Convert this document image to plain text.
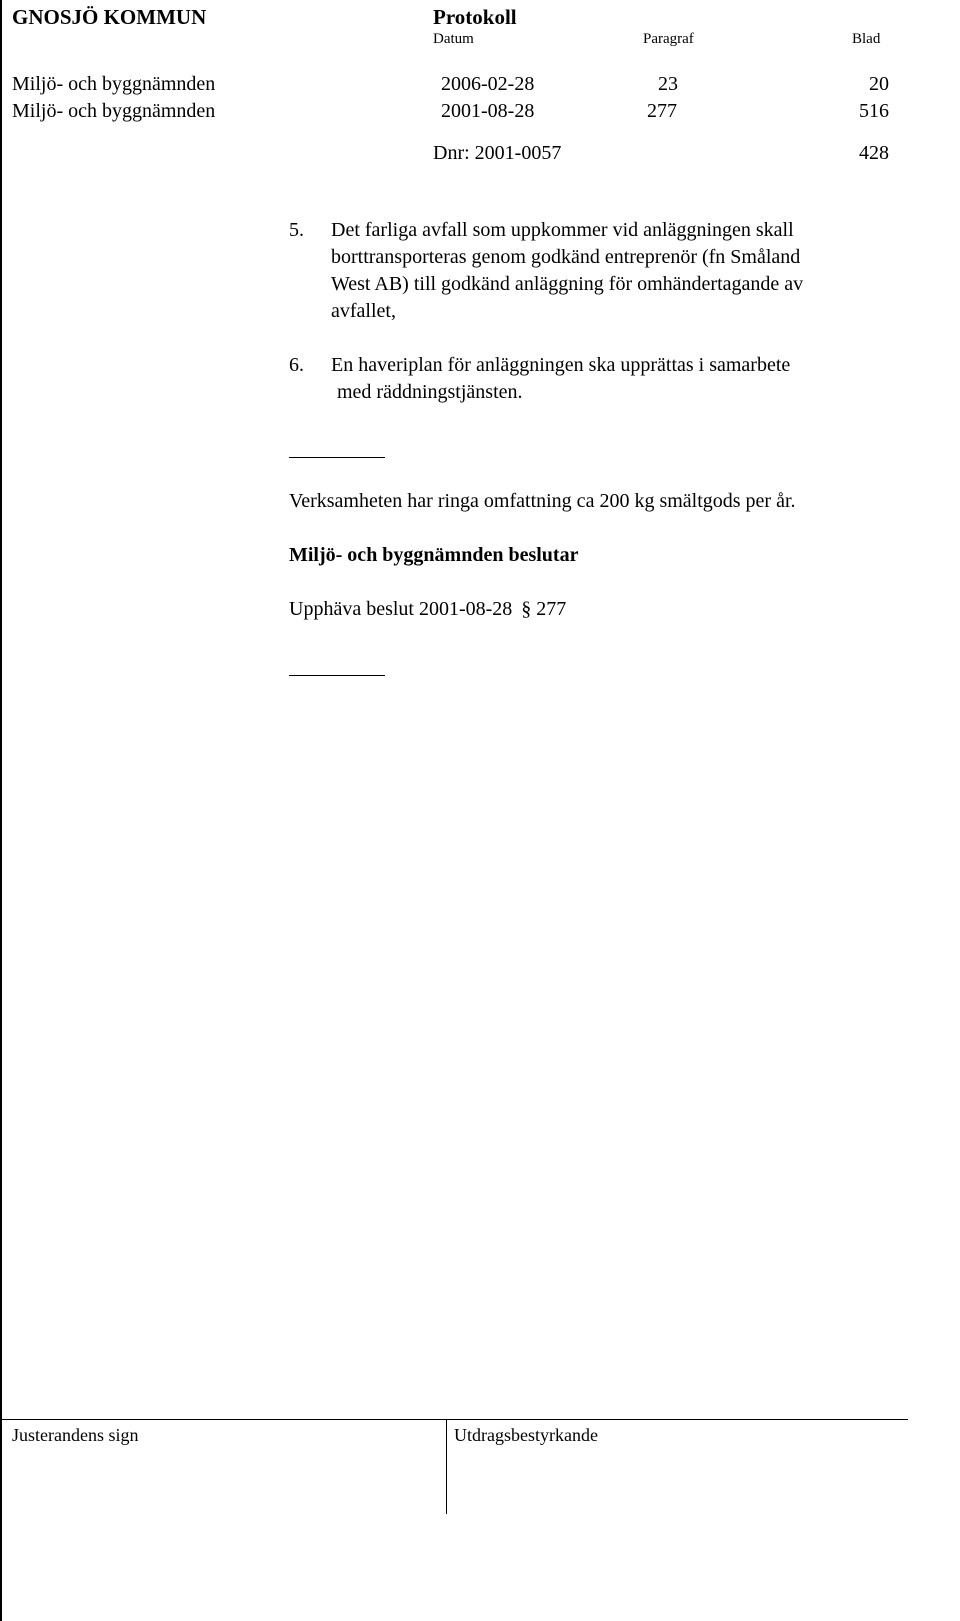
GNOSJÖ KOMMUN	Protokoll
Datum	Paragraf	Blad
Miljö- och byggnämnden	2006-02-28	23	20
Miljö- och byggnämnden	2001-08-28	277	516
Dnr: 2001-0057	428
5. Det farliga avfall som uppkommer vid anläggningen skall
borttransporteras genom godkänd entreprenör (fn Småland
West AB) till godkänd anläggning för omhändertagande av
avfallet,
6. En haveriplan för anläggningen ska upprättas i samarbete
med räddningstjänsten.
Verksamheten har ringa omfattning ca 200 kg smältgods per år.
Miljö- och byggnämnden beslutar
Upphäva beslut 2001-08-28 § 277
Justerandens sign	Utdragsbestyrkande
